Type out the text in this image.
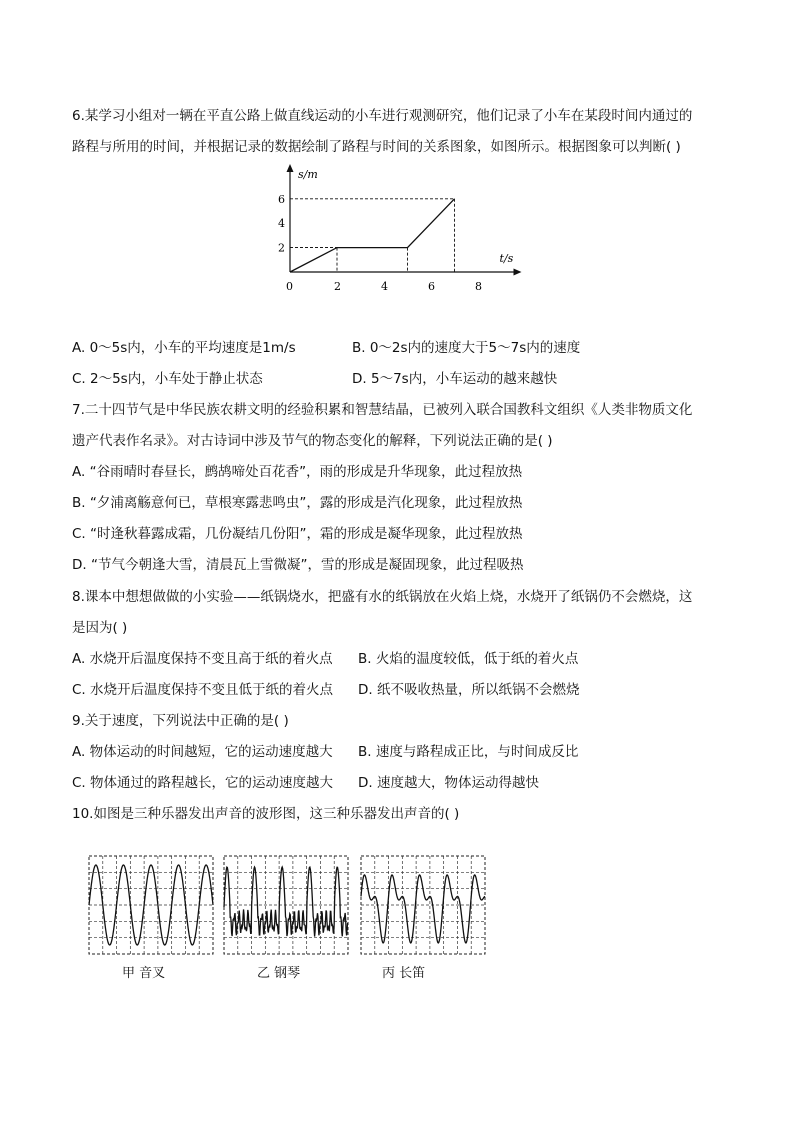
6.某学习小组对一辆在平直公路上做直线运动的小车进行观测研究，他们记录了小车在某段时间内通过的
路程与所用的时间，并根据记录的数据绘制了路程与时间的关系图象，如图所示。根据图象可以判断( )
s/m
t/s
0	2	4	6	8
2
4
6
A. 0～5s内，小车的平均速度是1m/s	B. 0～2s内的速度大于5～7s内的速度
C. 2～5s内，小车处于静止状态	D. 5～7s内，小车运动的越来越快
7.二十四节气是中华民族农耕文明的经验积累和智慧结晶，已被列入联合国教科文组织《人类非物质文化
遗产代表作名录》。对古诗词中涉及节气的物态变化的解释，下列说法正确的是( )
A. “谷雨晴时春昼长，鹧鸪啼处百花香”，雨的形成是升华现象，此过程放热
B. “夕浦离觞意何已，草根寒露悲鸣虫”，露的形成是汽化现象，此过程放热
C. “时逢秋暮露成霜，几份凝结几份阳”，霜的形成是凝华现象，此过程放热
D. “节气今朝逢大雪，清晨瓦上雪微凝”，雪的形成是凝固现象，此过程吸热
8.课本中想想做做的小实验——纸锅烧水，把盛有水的纸锅放在火焰上烧，水烧开了纸锅仍不会燃烧，这
是因为( )
A. 水烧开后温度保持不变且高于纸的着火点 B. 火焰的温度较低，低于纸的着火点
C. 水烧开后温度保持不变且低于纸的着火点 D. 纸不吸收热量，所以纸锅不会燃烧
9.关于速度，下列说法中正确的是( )
A. 物体运动的时间越短，它的运动速度越大 B. 速度与路程成正比，与时间成反比
C. 物体通过的路程越长，它的运动速度越大 D. 速度越大，物体运动得越快
10.如图是三种乐器发出声音的波形图，这三种乐器发出声音的( )
甲 音叉	乙 钢琴	丙 长笛
